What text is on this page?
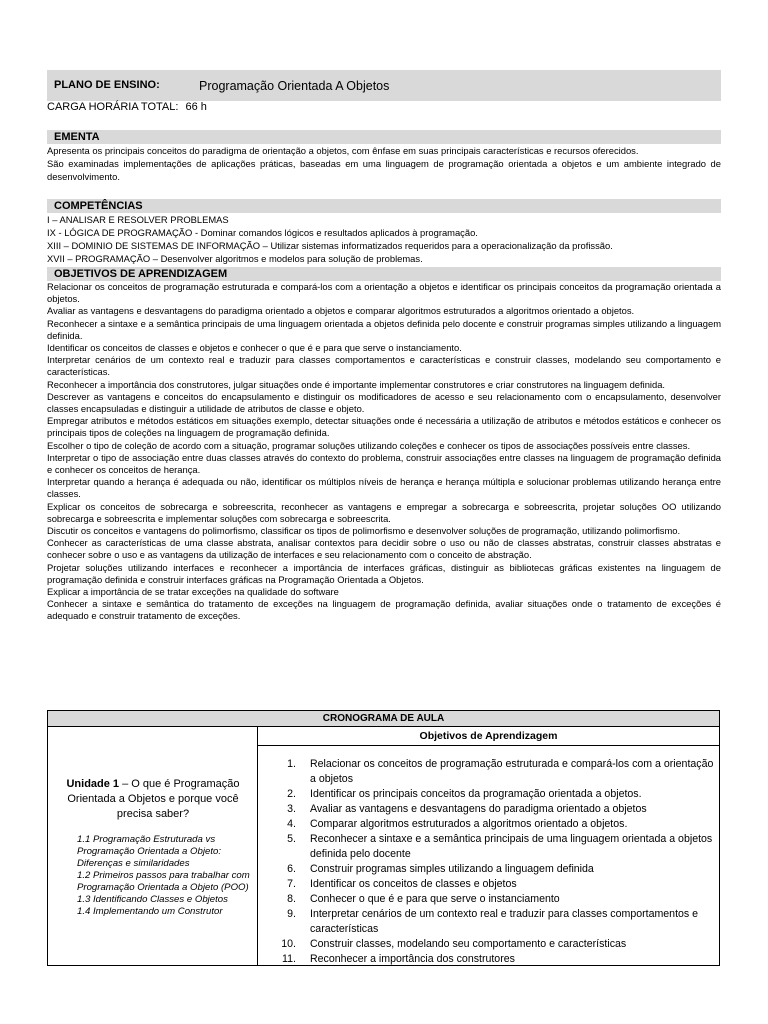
PLANO DE ENSINO:	Programação Orientada A Objetos
CARGA HORÁRIA TOTAL: 66 h
EMENTA

Apresenta os principais conceitos do paradigma de orientação a objetos, com ênfase em suas principais características e recursos oferecidos.

São examinadas implementações de aplicações práticas, baseadas em uma linguagem de programação orientada a objetos e um ambiente integrado de desenvolvimento.

COMPETÊNCIAS

I – ANALISAR E RESOLVER PROBLEMAS

IX - LÓGICA DE PROGRAMAÇÃO - Dominar comandos lógicos e resultados aplicados à programação.

XIII – DOMINIO DE SISTEMAS DE INFORMAÇÃO – Utilizar sistemas informatizados requeridos para a operacionalização da profissão.

XVII – PROGRAMAÇÃO – Desenvolver algoritmos e modelos para solução de problemas.

OBJETIVOS DE APRENDIZAGEM

Relacionar os conceitos de programação estruturada e compará-los com a orientação a objetos e identificar os principais conceitos da programação orientada a objetos.

Avaliar as vantagens e desvantagens do paradigma orientado a objetos e comparar algoritmos estruturados a algoritmos orientado a objetos.

Reconhecer a sintaxe e a semântica principais de uma linguagem orientada a objetos definida pelo docente e construir programas simples utilizando a linguagem definida.

Identificar os conceitos de classes e objetos e conhecer o que é e para que serve o instanciamento.

Interpretar cenários de um contexto real e traduzir para classes comportamentos e características e construir classes, modelando seu comportamento e características.

Reconhecer a importância dos construtores, julgar situações onde é importante implementar construtores e criar construtores na linguagem definida.

Descrever as vantagens e conceitos do encapsulamento e distinguir os modificadores de acesso e seu relacionamento com o encapsulamento, desenvolver classes encapsuladas e distinguir a utilidade de atributos de classe e objeto.

Empregar atributos e métodos estáticos em situações exemplo, detectar situações onde é necessária a utilização de atributos e métodos estáticos e conhecer os principais tipos de coleções na linguagem de programação definida.

Escolher o tipo de coleção de acordo com a situação, programar soluções utilizando coleções e conhecer os tipos de associações possíveis entre classes.

Interpretar o tipo de associação entre duas classes através do contexto do problema, construir associações entre classes na linguagem de programação definida e conhecer os conceitos de herança.

Interpretar quando a herança é adequada ou não, identificar os múltiplos níveis de herança e herança múltipla e solucionar problemas utilizando herança entre classes.

Explicar os conceitos de sobrecarga e sobreescrita, reconhecer as vantagens e empregar a sobrecarga e sobreescrita, projetar soluções OO utilizando sobrecarga e sobreescrita e implementar soluções com sobrecarga e sobreescrita.

Discutir os conceitos e vantagens do polimorfismo, classificar os tipos de polimorfismo e desenvolver soluções de programação, utilizando polimorfismo.

Conhecer as características de uma classe abstrata, analisar contextos para decidir sobre o uso ou não de classes abstratas, construir classes abstratas e conhecer sobre o uso e as vantagens da utilização de interfaces e seu relacionamento com o conceito de abstração.

Projetar soluções utilizando interfaces e reconhecer a importância de interfaces gráficas, distinguir as bibliotecas gráficas existentes na linguagem de programação definida e construir interfaces gráficas na Programação Orientada a Objetos.

Explicar a importância de se tratar exceções na qualidade do software

Conhecer a sintaxe e semântica do tratamento de exceções na linguagem de programação definida, avaliar situações onde o tratamento de exceções é adequado e construir tratamento de exceções.

CRONOGRAMA DE AULA
Objetivos de Aprendizagem

Unidade 1 – O que é Programação Orientada a Objetos e porque você precisa saber?

1.1 Programação Estruturada vs Programação Orientada a Objeto: Diferenças e similaridades

1.2 Primeiros passos para trabalhar com Programação Orientada a Objeto (POO)

1.3 Identificando Classes e Objetos

1.4 Implementando um Construtor

1. Relacionar os conceitos de programação estruturada e compará-los com a orientação a objetos
2. Identificar os principais conceitos da programação orientada a objetos.
3. Avaliar as vantagens e desvantagens do paradigma orientado a objetos
4. Comparar algoritmos estruturados a algoritmos orientado a objetos.
5. Reconhecer a sintaxe e a semântica principais de uma linguagem orientada a objetos definida pelo docente
6. Construir programas simples utilizando a linguagem definida
7. Identificar os conceitos de classes e objetos
8. Conhecer o que é e para que serve o instanciamento
9. Interpretar cenários de um contexto real e traduzir para classes comportamentos e características
10. Construir classes, modelando seu comportamento e características
11. Reconhecer a importância dos construtores
